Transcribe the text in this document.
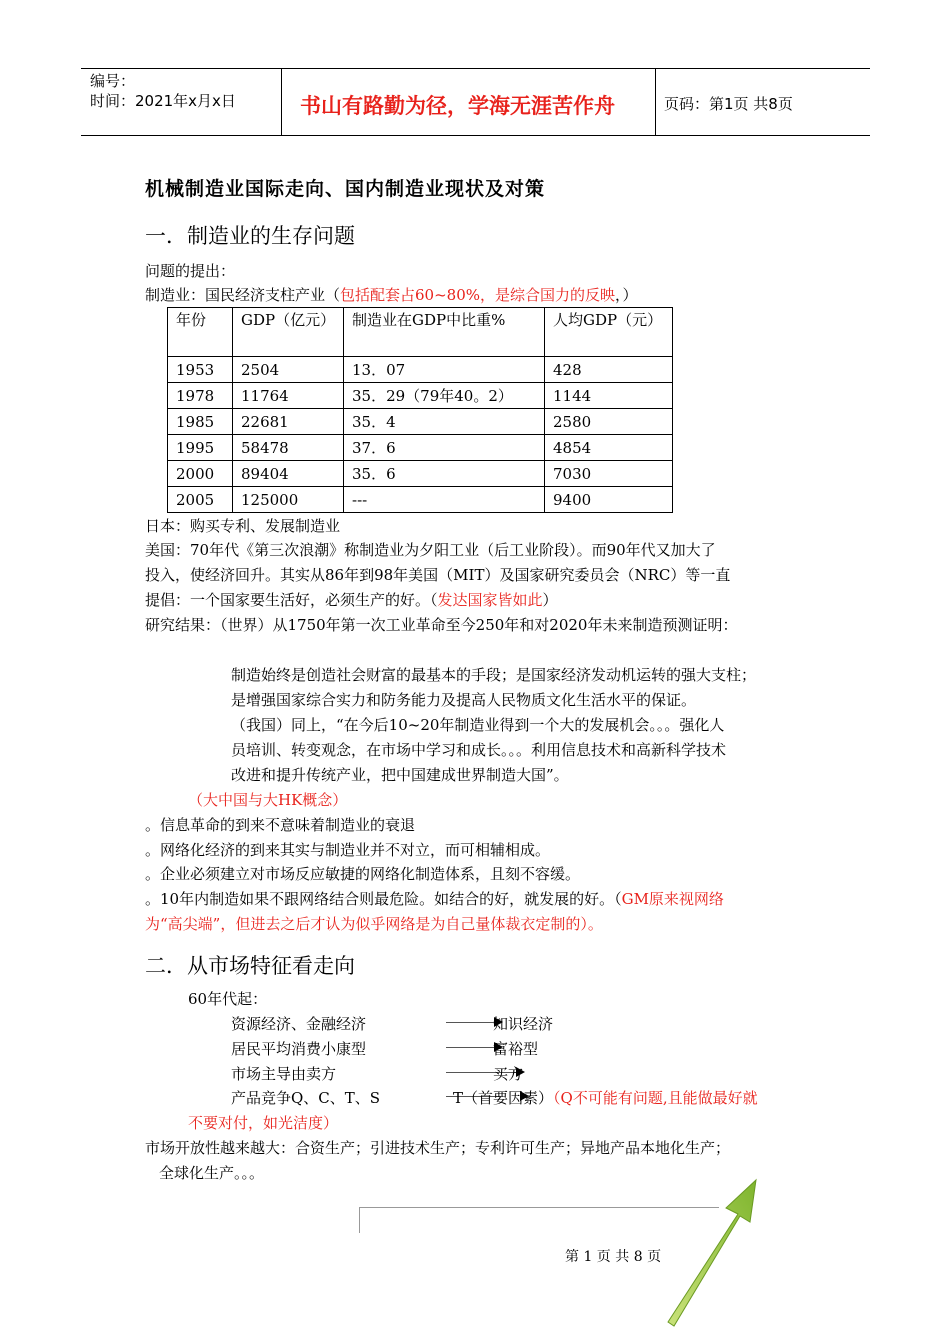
编号：
时间：2021年x月x日	书山有路勤为径，学海无涯苦作舟	页码：第1页 共8页
机械制造业国际走向、国内制造业现状及对策
一．制造业的生存问题
问题的提出：
制造业：国民经济支柱产业（包括配套占60~80%，是综合国力的反映，）
年份	GDP（亿元）	制造业在GDP中比重%	人均GDP（元）
1953	2504	13．07	428
1978	11764	35．29（79年40。2）	1144
1985	22681	35．4	2580
1995	58478	37．6	4854
2000	89404	35．6	7030
2005	125000	---	9400
日本：购买专利、发展制造业
美国：70年代《第三次浪潮》称制造业为夕阳工业（后工业阶段）。而90年代又加大了
投入，使经济回升。其实从86年到98年美国（MIT）及国家研究委员会（NRC）等一直
提倡：一个国家要生活好，必须生产的好。（发达国家皆如此）
研究结果：（世界）从1750年第一次工业革命至今250年和对2020年未来制造预测证明：
制造始终是创造社会财富的最基本的手段；是国家经济发动机运转的强大支柱；
是增强国家综合实力和防务能力及提高人民物质文化生活水平的保证。
（我国）同上，“在今后10~20年制造业得到一个大的发展机会。。。强化人
员培训、转变观念，在市场中学习和成长。。。利用信息技术和高新科学技术
改进和提升传统产业，把中国建成世界制造大国”。
（大中国与大HK概念）
。信息革命的到来不意味着制造业的衰退
。网络化经济的到来其实与制造业并不对立，而可相辅相成。
。企业必须建立对市场反应敏捷的网络化制造体系，且刻不容缓。
。10年内制造如果不跟网络结合则最危险。如结合的好，就发展的好。（GM原来视网络
为“高尖端”，但进去之后才认为似乎网络是为自己量体裁衣定制的）。
二．从市场特征看走向
60年代起：
资源经济、金融经济	知识经济
居民平均消费小康型	富裕型
市场主导由卖方	买方
产品竞争Q、C、T、S	T（首要因素）（Q不可能有问题,且能做最好就
不要对付，如光洁度）
市场开放性越来越大：合资生产；引进技术生产；专利许可生产；异地产品本地化生产；
全球化生产。。。
第 1 页 共 8 页
